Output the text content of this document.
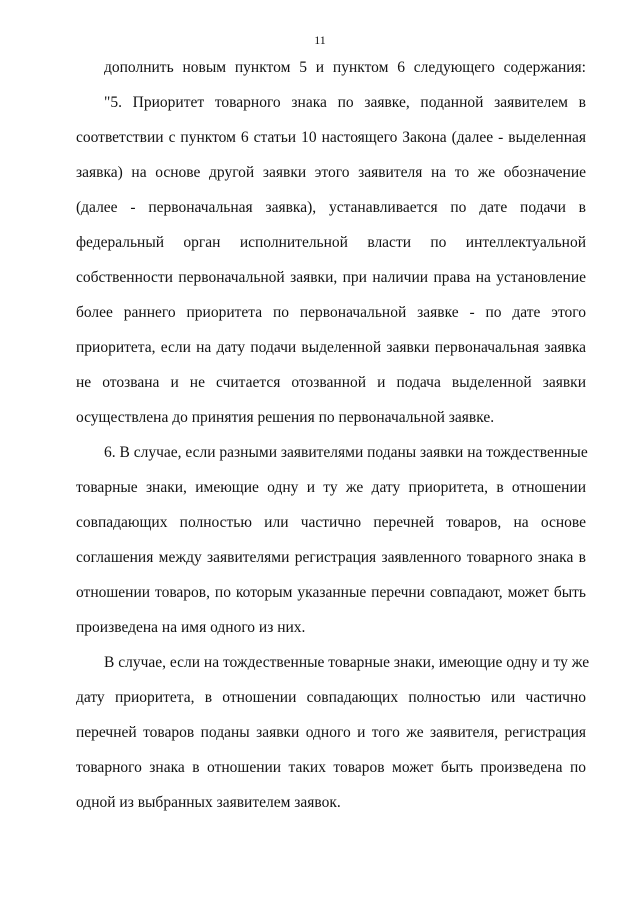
11
дополнить новым пунктом 5 и пунктом 6 следующего содержания:
"5. Приоритет товарного знака по заявке, поданной заявителем в
соответствии с пунктом 6 статьи 10 настоящего Закона (далее - выделенная
заявка) на основе другой заявки этого заявителя на то же обозначение
(далее - первоначальная заявка), устанавливается по дате подачи в
федеральный орган исполнительной власти по интеллектуальной
собственности первоначальной заявки, при наличии права на установление
более раннего приоритета по первоначальной заявке - по дате этого
приоритета, если на дату подачи выделенной заявки первоначальная заявка
не отозвана и не считается отозванной и подача выделенной заявки
осуществлена до принятия решения по первоначальной заявке.
6. В случае, если разными заявителями поданы заявки на тождественные
товарные знаки, имеющие одну и ту же дату приоритета, в отношении
совпадающих полностью или частично перечней товаров, на основе
соглашения между заявителями регистрация заявленного товарного знака в
отношении товаров, по которым указанные перечни совпадают, может быть
произведена на имя одного из них.
В случае, если на тождественные товарные знаки, имеющие одну и ту же
дату приоритета, в отношении совпадающих полностью или частично
перечней товаров поданы заявки одного и того же заявителя, регистрация
товарного знака в отношении таких товаров может быть произведена по
одной из выбранных заявителем заявок.
